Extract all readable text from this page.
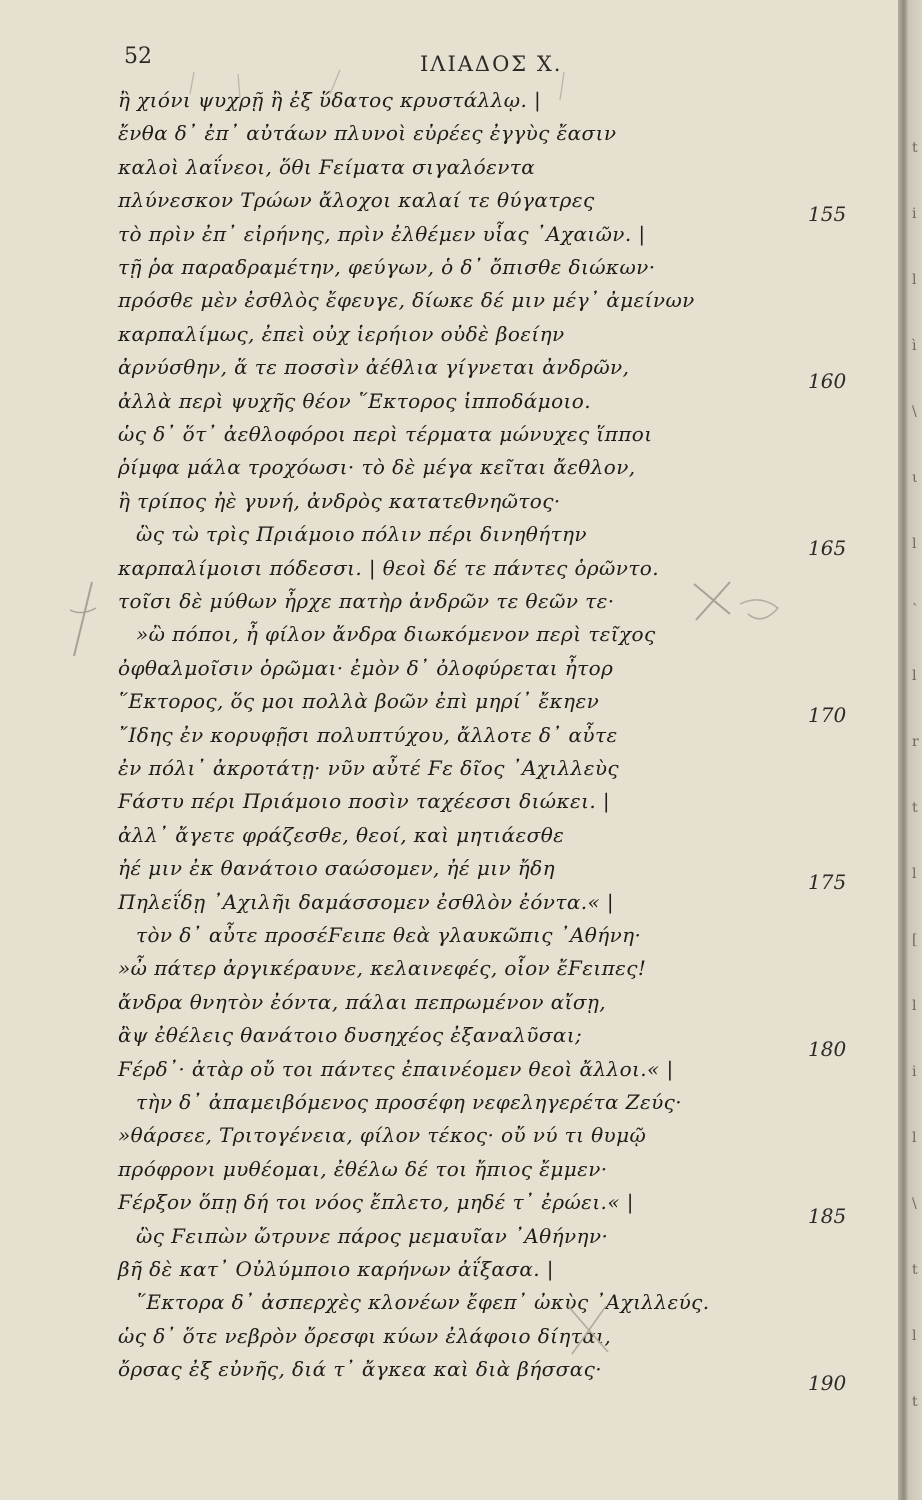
52	ΙΛΙΑΔΟΣ Χ.
ἢ χιόνι ψυχρῇ ἢ ἐξ ὕδατος κρυστάλλῳ. |
ἔνθα δ᾽ ἐπ᾽ αὐτάων πλυνοὶ εὐρέες ἐγγὺς ἔασιν
καλοὶ λαΐνεοι, ὅθι Ϝείματα σιγαλόεντα
πλύνεσκον Τρώων ἄλοχοι καλαί τε θύγατρες
τὸ πρὶν ἐπ᾽ εἰρήνης, πρὶν ἐλθέμεν υἷας ᾿Αχαιῶν. |
τῇ ῥα παραδραμέτην, φεύγων, ὁ δ᾽ ὄπισθε διώκων·
πρόσθε μὲν ἐσθλὸς ἔφευγε, δίωκε δέ μιν μέγ᾽ ἀμείνων
καρπαλίμως, ἐπεὶ οὐχ ἱερήιον οὐδὲ βοείην
ἀρνύσθην, ἅ τε ποσσὶν ἀέθλια γίγνεται ἀνδρῶν,
ἀλλὰ περὶ ψυχῆς θέον ῞Εκτορος ἱπποδάμοιο.
ὡς δ᾽ ὅτ᾽ ἀεθλοφόροι περὶ τέρματα μώνυχες ἵπποι
ῥίμφα μάλα τροχόωσι· τὸ δὲ μέγα κεῖται ἄεθλον,
ἢ τρίπος ἠὲ γυνή, ἀνδρὸς κατατεθνηῶτος·
ὣς τὼ τρὶς Πριάμοιο πόλιν πέρι δινηθήτην
καρπαλίμοισι πόδεσσι. | θεοὶ δέ τε πάντες ὁρῶντο.
τοῖσι δὲ μύθων ἦρχε πατὴρ ἀνδρῶν τε θεῶν τε·
»ὢ πόποι, ἦ φίλον ἄνδρα διωκόμενον περὶ τεῖχος
ὀφθαλμοῖσιν ὁρῶμαι· ἐμὸν δ᾽ ὀλοφύρεται ἦτορ
῞Εκτορος, ὅς μοι πολλὰ βοῶν ἐπὶ μηρί᾽ ἔκηεν
῎Ιδης ἐν κορυφῇσι πολυπτύχου, ἄλλοτε δ᾽ αὖτε
ἐν πόλι᾽ ἀκροτάτῃ· νῦν αὖτέ Ϝε δῖος ᾿Αχιλλεὺς
Ϝάστυ πέρι Πριάμοιο ποσὶν ταχέεσσι διώκει. |
ἀλλ᾽ ἄγετε φράζεσθε, θεοί, καὶ μητιάεσθε
ἠέ μιν ἐκ θανάτοιο σαώσομεν, ἠέ μιν ἤδη
Πηλεΐδῃ ᾿Αχιλῆι δαμάσσομεν ἐσθλὸν ἐόντα.« |
τὸν δ᾽ αὖτε προσέϜειπε θεὰ γλαυκῶπις ᾿Αθήνη·
»ὦ πάτερ ἀργικέραυνε, κελαινεφές, οἷον ἔϜειπες!
ἄνδρα θνητὸν ἐόντα, πάλαι πεπρωμένον αἴσῃ,
ἂψ ἐθέλεις θανάτοιο δυσηχέος ἐξαναλῦσαι;
Ϝέρδ᾽· ἀτὰρ οὔ τοι πάντες ἐπαινέομεν θεοὶ ἄλλοι.« |
τὴν δ᾽ ἀπαμειβόμενος προσέφη νεφεληγερέτα Ζεύς·
»θάρσεε, Τριτογένεια, φίλον τέκος· οὔ νύ τι θυμῷ
πρόφρονι μυθέομαι, ἐθέλω δέ τοι ἤπιος ἔμμεν·
Ϝέρξον ὅπῃ δή τοι νόος ἔπλετο, μηδέ τ᾽ ἐρώει.« |
ὣς Ϝειπὼν ὤτρυνε πάρος μεμαυῖαν ᾿Αθήνην·
βῆ δὲ κατ᾽ Οὐλύμποιο καρήνων ἀΐξασα. |
῞Εκτορα δ᾽ ἀσπερχὲς κλονέων ἔφεπ᾽ ὠκὺς ᾿Αχιλλεύς.
ὡς δ᾽ ὅτε νεβρὸν ὄρεσφι κύων ἐλάφοιο δίηται,
ὄρσας ἐξ εὐνῆς, διά τ᾽ ἄγκεα καὶ διὰ βήσσας·
155
160
165
170
175
180
185
190
t
i
l
ì
\
ι
l
ˋ
l
r
t
l
[
l
i
l
\
t
l
t
